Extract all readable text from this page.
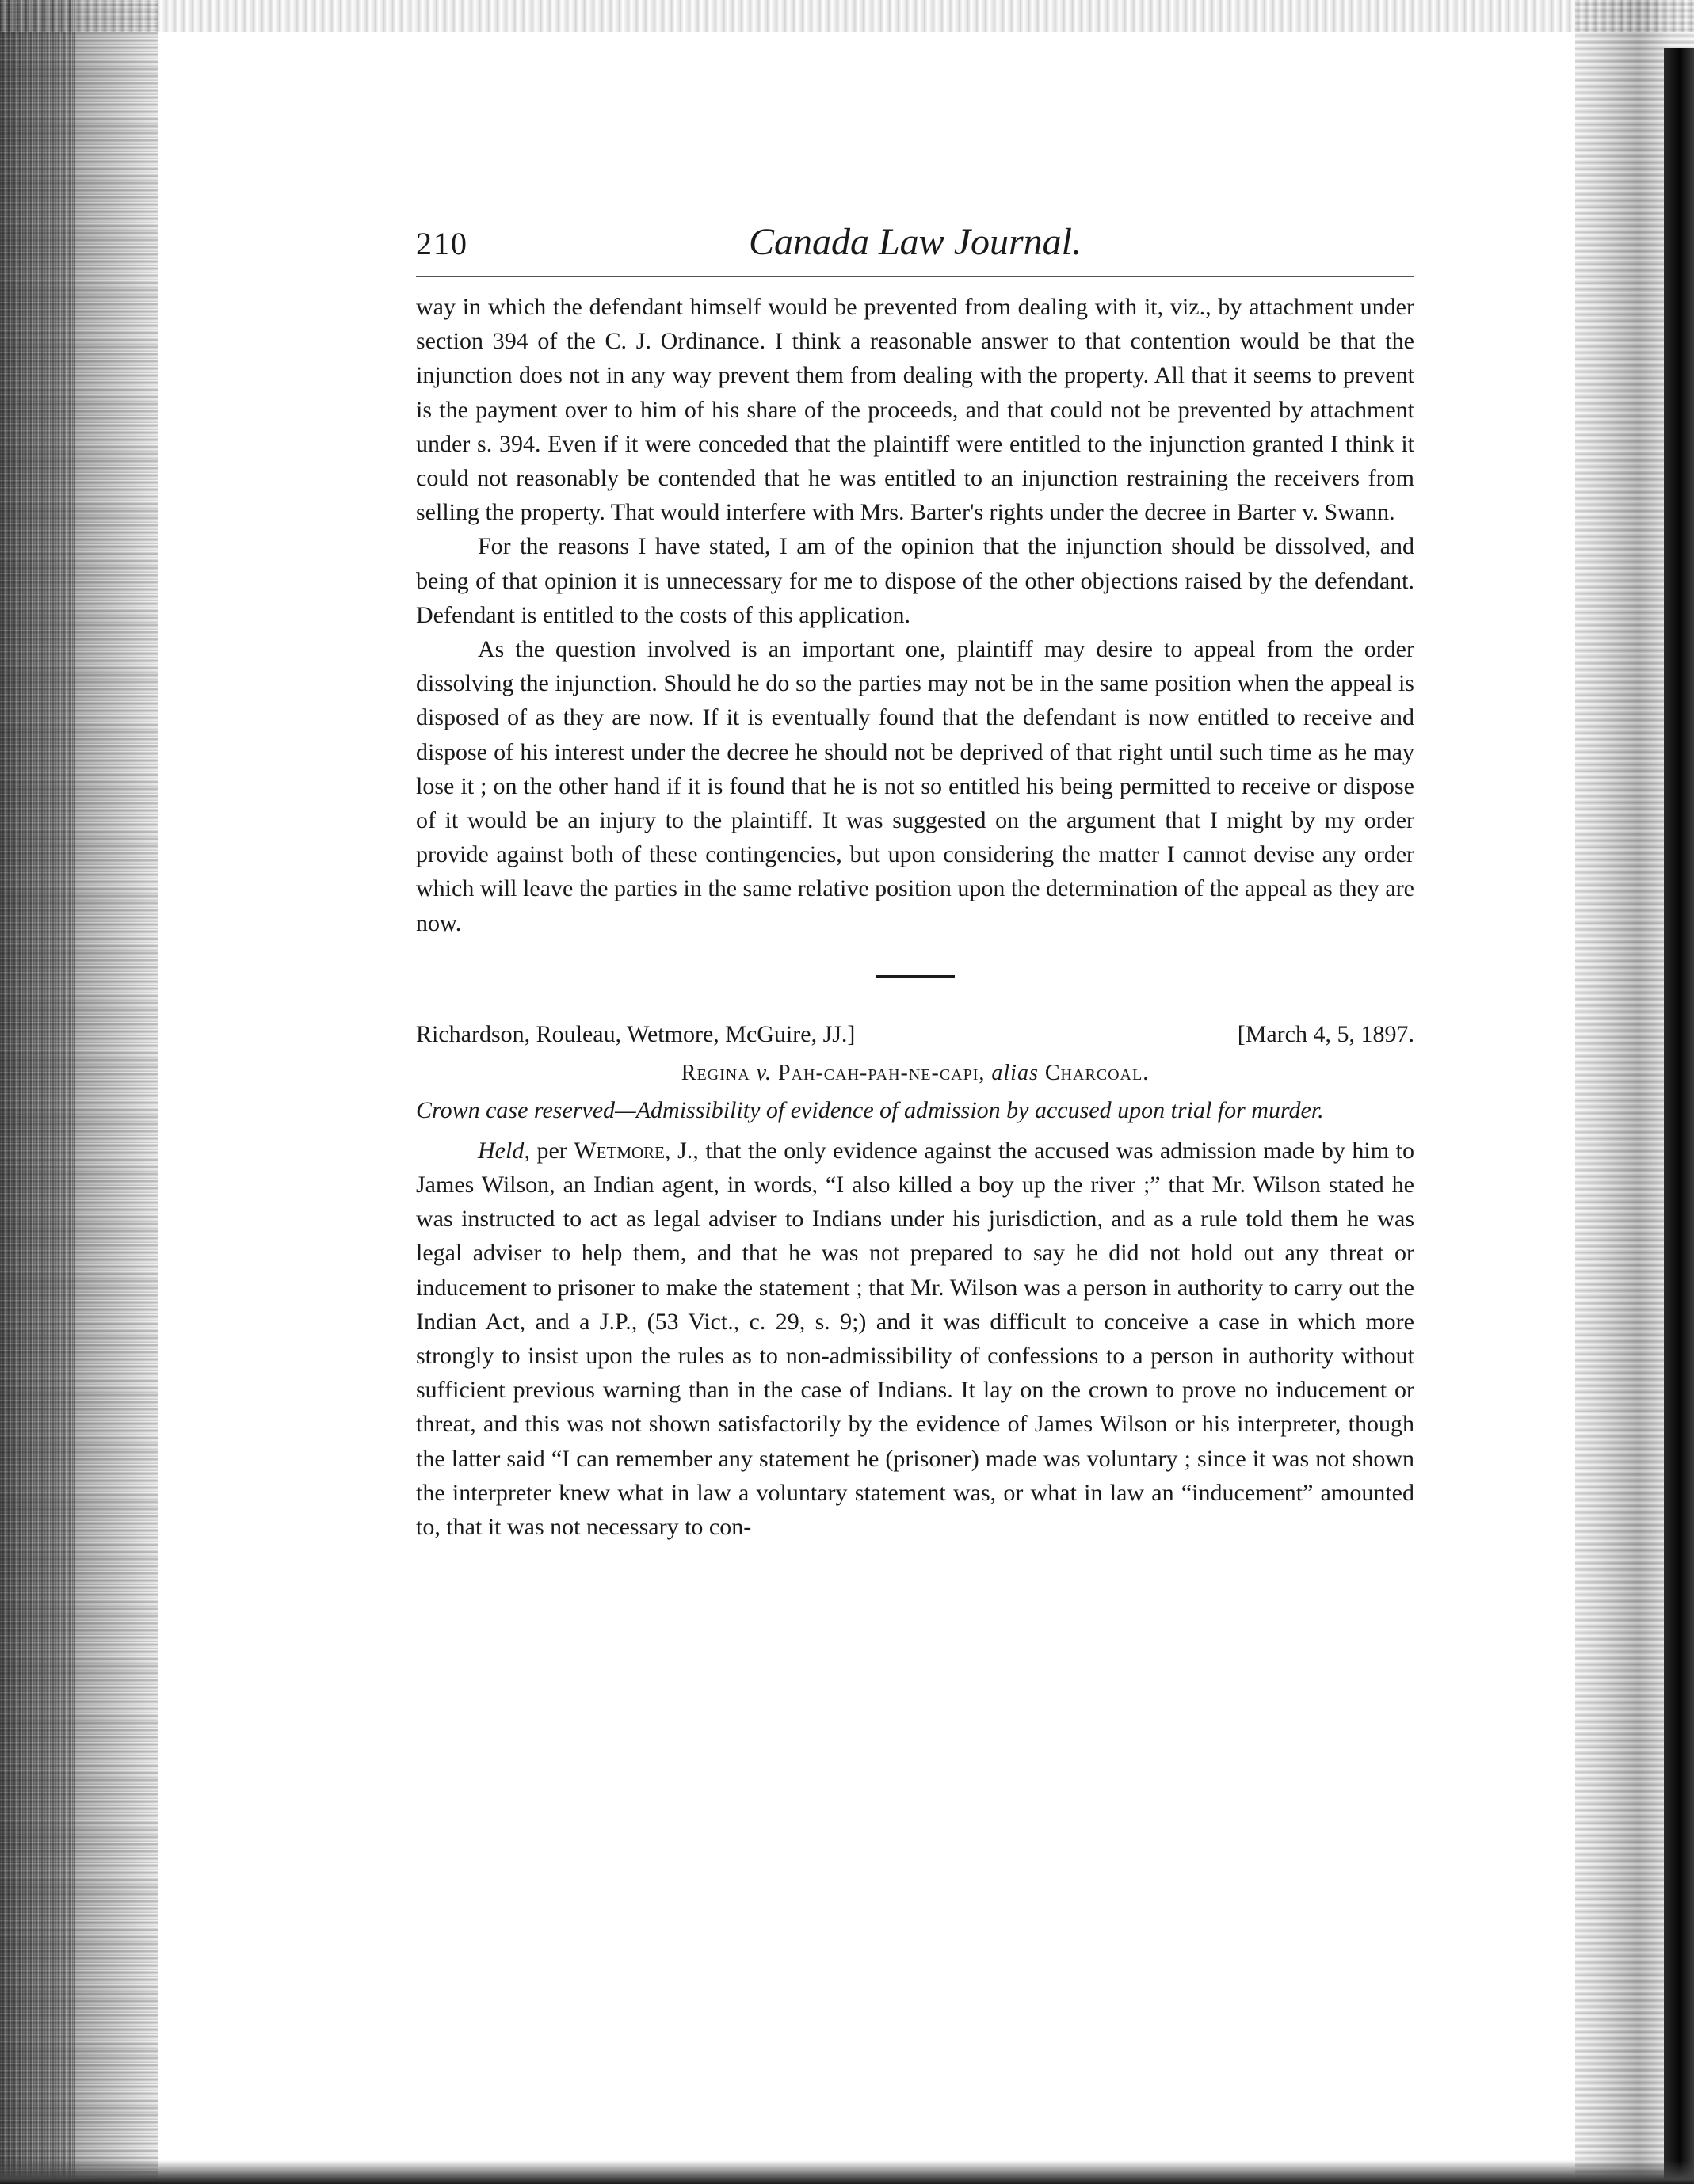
210	Canada Law Journal.

way in which the defendant himself would be prevented from dealing with it, viz., by attachment under section 394 of the C. J. Ordinance. I think a reasonable answer to that contention would be that the injunction does not in any way prevent them from dealing with the property. All that it seems to prevent is the payment over to him of his share of the proceeds, and that could not be prevented by attachment under s. 394. Even if it were conceded that the plaintiff were entitled to the injunction granted I think it could not reasonably be contended that he was entitled to an injunction restraining the receivers from selling the property. That would interfere with Mrs. Barter's rights under the decree in Barter v. Swann.

For the reasons I have stated, I am of the opinion that the injunction should be dissolved, and being of that opinion it is unnecessary for me to dispose of the other objections raised by the defendant. Defendant is entitled to the costs of this application.

As the question involved is an important one, plaintiff may desire to appeal from the order dissolving the injunction. Should he do so the parties may not be in the same position when the appeal is disposed of as they are now. If it is eventually found that the defendant is now entitled to receive and dispose of his interest under the decree he should not be deprived of that right until such time as he may lose it ; on the other hand if it is found that he is not so entitled his being permitted to receive or dispose of it would be an injury to the plaintiff. It was suggested on the argument that I might by my order provide against both of these contingencies, but upon considering the matter I cannot devise any order which will leave the parties in the same relative position upon the determination of the appeal as they are now.

Richardson, Rouleau, Wetmore, McGuire, JJ.]	[March 4, 5, 1897.
Regina v. Pah-cah-pah-ne-capi, alias Charcoal.

Crown case reserved—Admissibility of evidence of admission by accused upon trial for murder.

Held, per Wetmore, J., that the only evidence against the accused was admission made by him to James Wilson, an Indian agent, in words, “I also killed a boy up the river ;” that Mr. Wilson stated he was instructed to act as legal adviser to Indians under his jurisdiction, and as a rule told them he was legal adviser to help them, and that he was not prepared to say he did not hold out any threat or inducement to prisoner to make the statement ; that Mr. Wilson was a person in authority to carry out the Indian Act, and a J.P., (53 Vict., c. 29, s. 9;) and it was difficult to conceive a case in which more strongly to insist upon the rules as to non-admissibility of confessions to a person in authority without sufficient previous warning than in the case of Indians. It lay on the crown to prove no inducement or threat, and this was not shown satisfactorily by the evidence of James Wilson or his interpreter, though the latter said “I can remember any statement he (prisoner) made was voluntary ; since it was not shown the interpreter knew what in law a voluntary statement was, or what in law an “inducement” amounted to, that it was not necessary to con-
